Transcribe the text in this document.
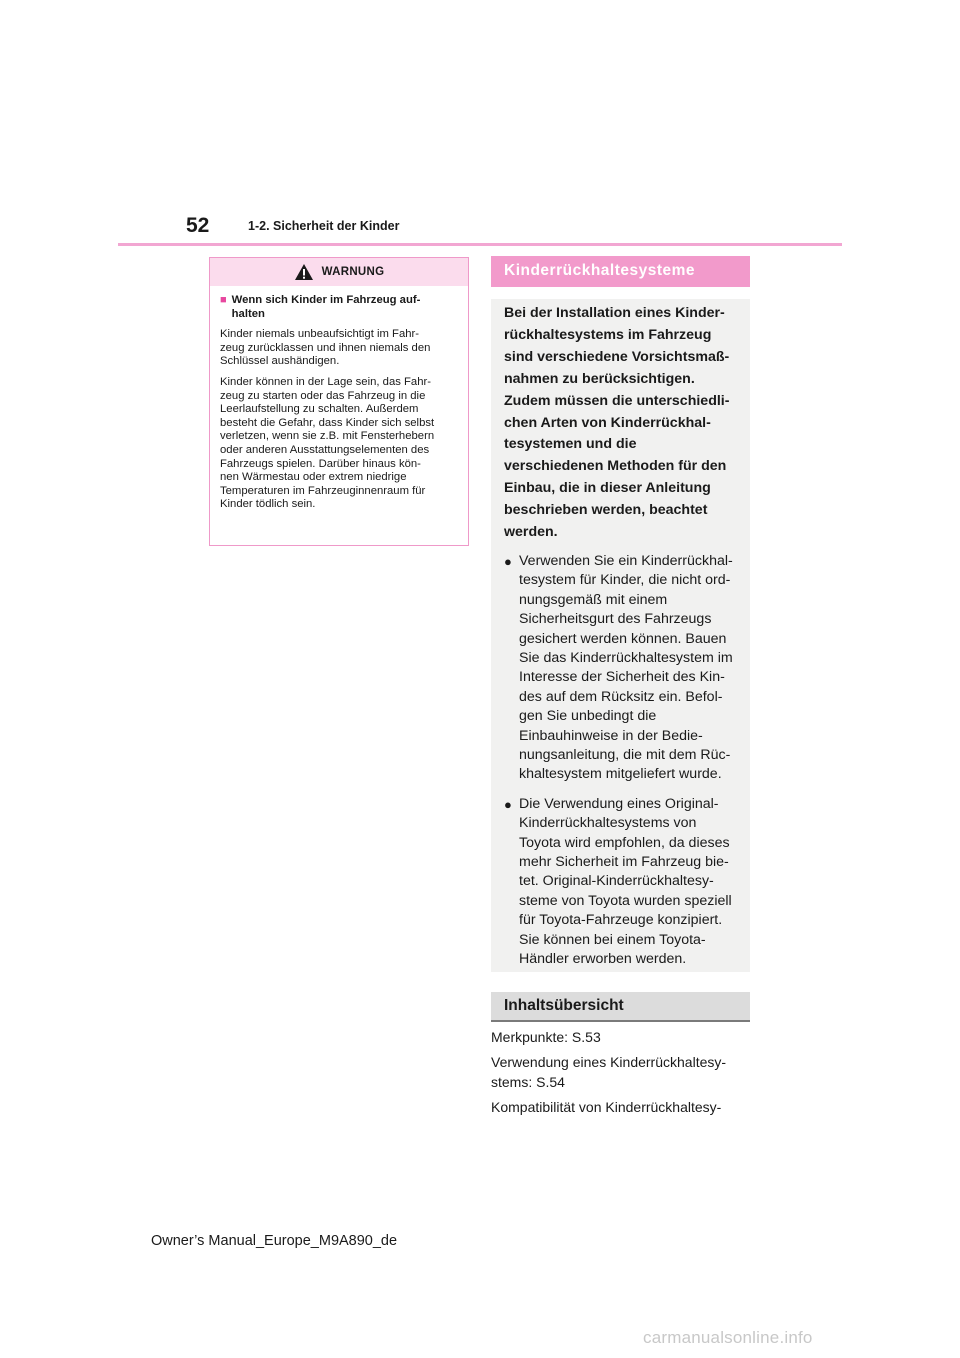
52	1-2. Sicherheit der Kinder
WARNUNG
■ Wenn sich Kinder im Fahrzeug auf-
halten

Kinder niemals unbeaufsichtigt im Fahr-
zeug zurücklassen und ihnen niemals den
Schlüssel aushändigen.

Kinder können in der Lage sein, das Fahr-
zeug zu starten oder das Fahrzeug in die
Leerlaufstellung zu schalten. Außerdem
besteht die Gefahr, dass Kinder sich selbst
verletzen, wenn sie z.B. mit Fensterhebern
oder anderen Ausstattungselementen des
Fahrzeugs spielen. Darüber hinaus kön-
nen Wärmestau oder extrem niedrige
Temperaturen im Fahrzeuginnenraum für
Kinder tödlich sein.

Kinderrückhaltesysteme

Bei der Installation eines Kinder-
rückhaltesystems im Fahrzeug
sind verschiedene Vorsichtsmaß-
nahmen zu berücksichtigen.
Zudem müssen die unterschiedli-
chen Arten von Kinderrückhal-
tesystemen und die
verschiedenen Methoden für den
Einbau, die in dieser Anleitung
beschrieben werden, beachtet
werden.

● Verwenden Sie ein Kinderrückhal-
tesystem für Kinder, die nicht ord-
nungsgemäß mit einem
Sicherheitsgurt des Fahrzeugs
gesichert werden können. Bauen
Sie das Kinderrückhaltesystem im
Interesse der Sicherheit des Kin-
des auf dem Rücksitz ein. Befol-
gen Sie unbedingt die
Einbauhinweise in der Bedie-
nungsanleitung, die mit dem Rüc-
khaltesystem mitgeliefert wurde.
● Die Verwendung eines Original-
Kinderrückhaltesystems von
Toyota wird empfohlen, da dieses
mehr Sicherheit im Fahrzeug bie-
tet. Original-Kinderrückhaltesy-
steme von Toyota wurden speziell
für Toyota-Fahrzeuge konzipiert.
Sie können bei einem Toyota-
Händler erworben werden.
Inhaltsübersicht
Merkpunkte: S.53
Verwendung eines Kinderrückhaltesy-
stems: S.54
Kompatibilität von Kinderrückhaltesy-
Owner’s Manual_Europe_M9A890_de
carmanualsonline.info
